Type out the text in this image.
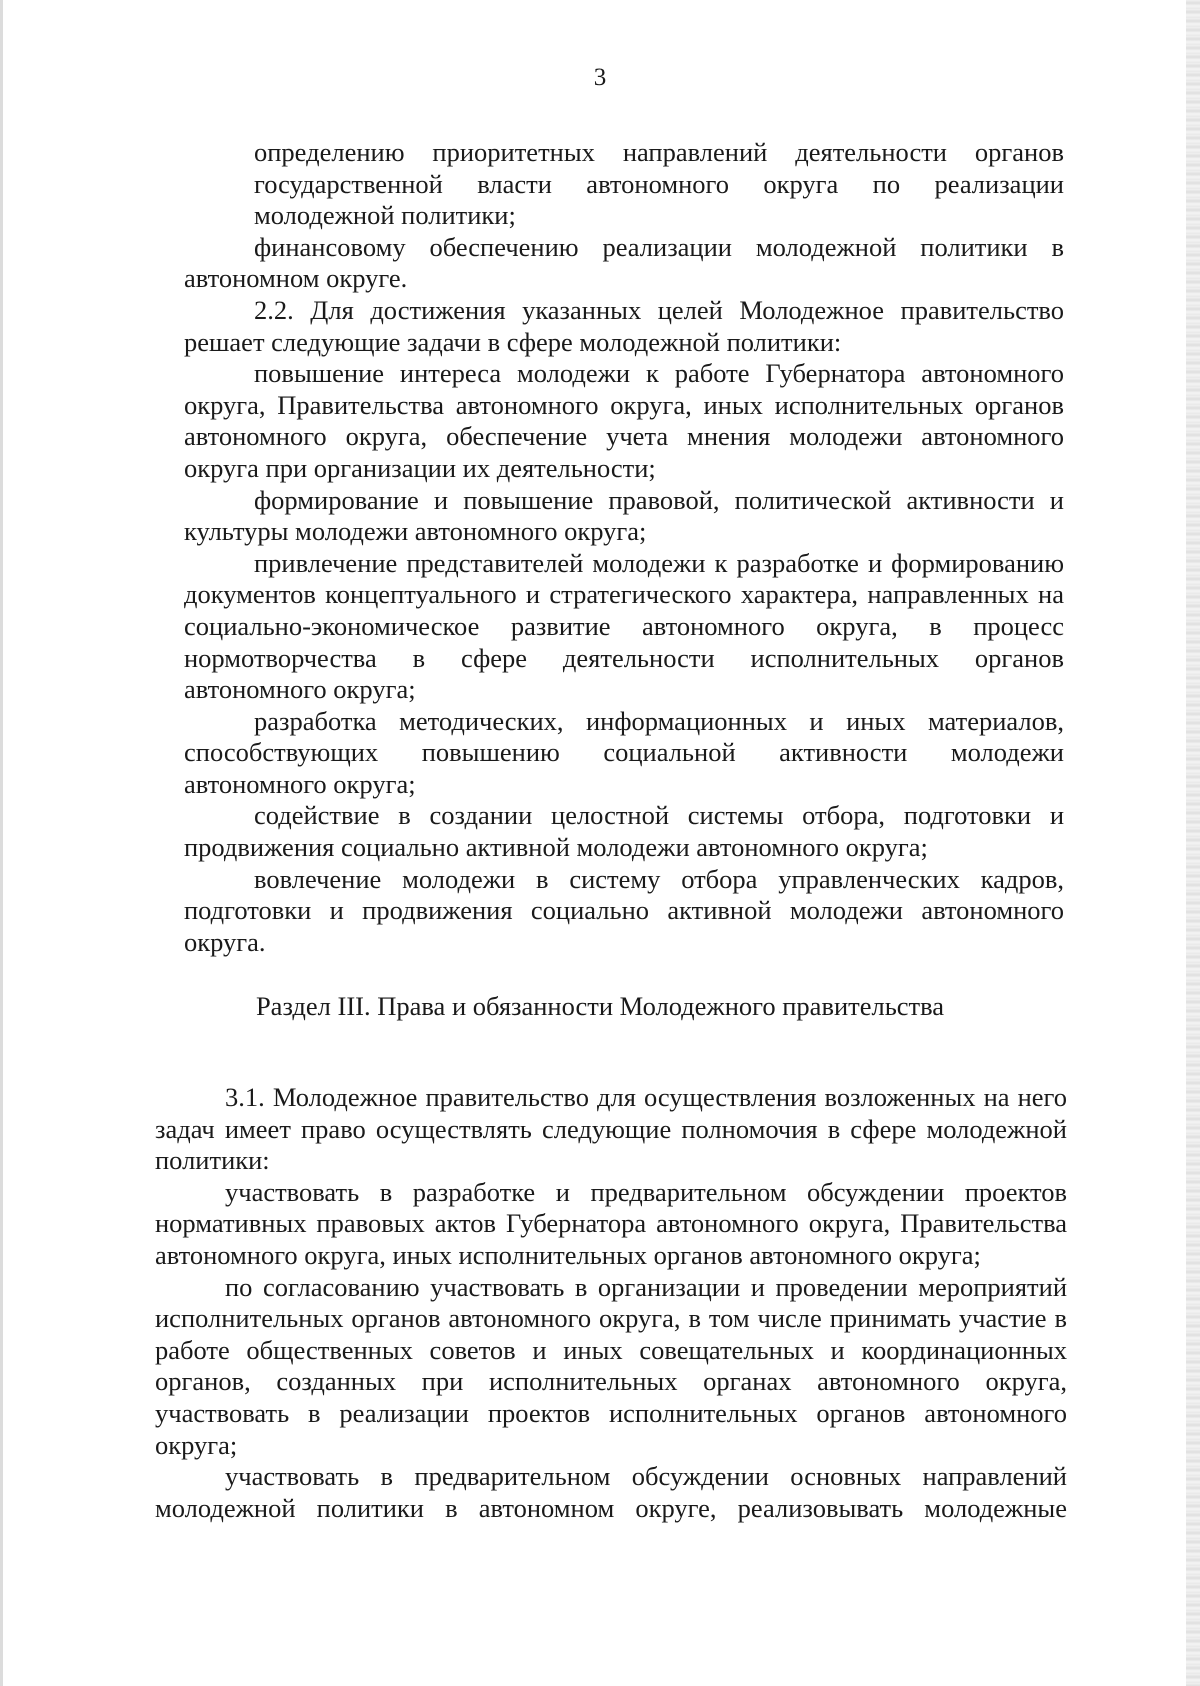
3

определению приоритетных направлений деятельности органов государственной власти автономного округа по реализации молодежной политики;

финансовому обеспечению реализации молодежной политики в автономном округе.

2.2. Для достижения указанных целей Молодежное правительство решает следующие задачи в сфере молодежной политики:

повышение интереса молодежи к работе Губернатора автономного округа, Правительства автономного округа, иных исполнительных органов автономного округа, обеспечение учета мнения молодежи автономного округа при организации их деятельности;

формирование и повышение правовой, политической активности и культуры молодежи автономного округа;

привлечение представителей молодежи к разработке и формированию документов концептуального и стратегического характера, направленных на социально-экономическое развитие автономного округа, в процесс нормотворчества в сфере деятельности исполнительных органов автономного округа;

разработка методических, информационных и иных материалов, способствующих повышению социальной активности молодежи автономного округа;

содействие в создании целостной системы отбора, подготовки и продвижения социально активной молодежи автономного округа;

вовлечение молодежи в систему отбора управленческих кадров, подготовки и продвижения социально активной молодежи автономного округа.

Раздел III. Права и обязанности Молодежного правительства

3.1. Молодежное правительство для осуществления возложенных на него задач имеет право осуществлять следующие полномочия в сфере молодежной политики:

участвовать в разработке и предварительном обсуждении проектов нормативных правовых актов Губернатора автономного округа, Правительства автономного округа, иных исполнительных органов автономного округа;

по согласованию участвовать в организации и проведении мероприятий исполнительных органов автономного округа, в том числе принимать участие в работе общественных советов и иных совещательных и координационных органов, созданных при исполнительных органах автономного округа, участвовать в реализации проектов исполнительных органов автономного округа;

участвовать в предварительном обсуждении основных направлений молодежной политики в автономном округе, реализовывать молодежные
